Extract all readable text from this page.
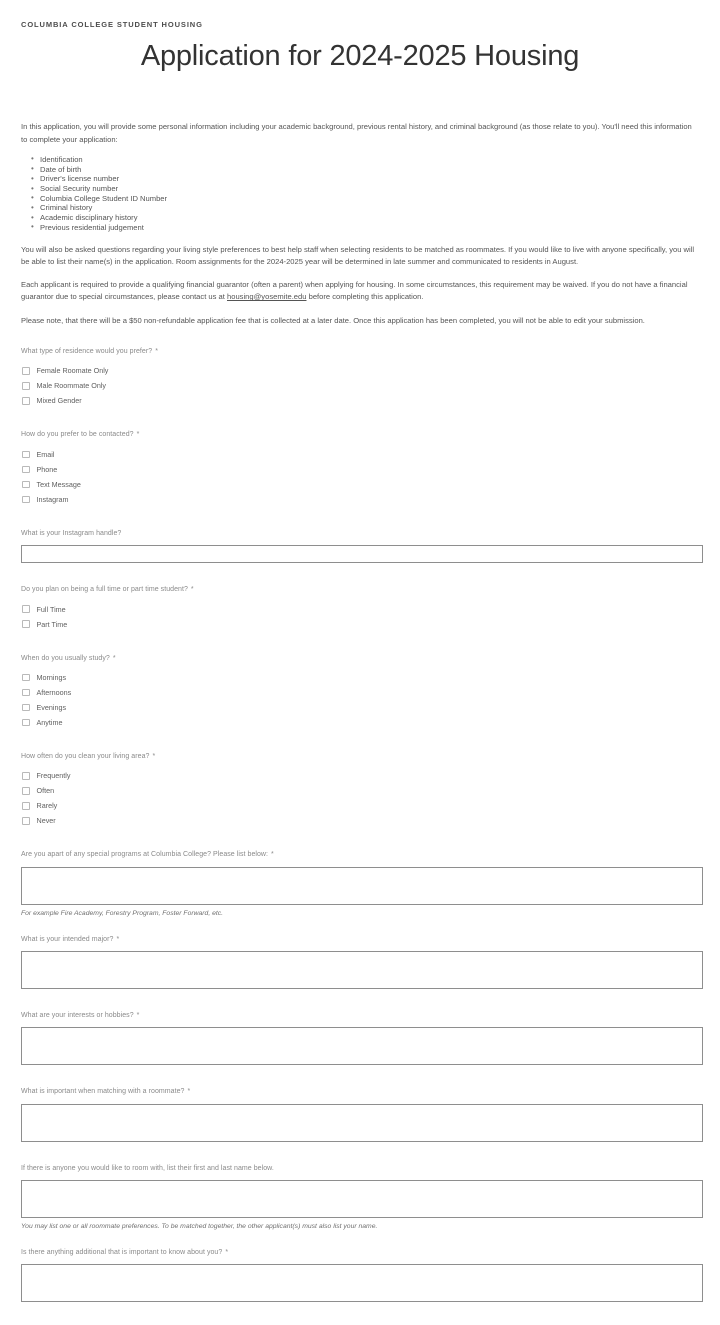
COLUMBIA COLLEGE STUDENT HOUSING
Application for 2024-2025 Housing

In this application, you will provide some personal information including your academic background, previous rental history, and criminal background (as those relate to you). You'll need this information to complete your application:

• Identification
• Date of birth
• Driver's license number
• Social Security number
• Columbia College Student ID Number
• Criminal history
• Academic disciplinary history
• Previous residential judgement

You will also be asked questions regarding your living style preferences to best help staff when selecting residents to be matched as roommates. If you would like to live with anyone specifically, you will be able to list their name(s) in the application. Room assignments for the 2024-2025 year will be determined in late summer and communicated to residents in August.

Each applicant is required to provide a qualifying financial guarantor (often a parent) when applying for housing. In some circumstances, this requirement may be waived. If you do not have a financial guarantor due to special circumstances, please contact us at housing@yosemite.edu before completing this application.

Please note, that there will be a $50 non-refundable application fee that is collected at a later date. Once this application has been completed, you will not be able to edit your submission.

What type of residence would you prefer? *
Female Roomate Only
Male Roommate Only
Mixed Gender
How do you prefer to be contacted? *
Email
Phone
Text Message
Instagram
What is your Instagram handle?
Do you plan on being a full time or part time student? *
Full Time
Part Time
When do you usually study? *
Mornings
Afternoons
Evenings
Anytime
How often do you clean your living area? *
Frequently
Often
Rarely
Never
Are you apart of any special programs at Columbia College? Please list below: *
For example Fire Academy, Forestry Program, Foster Forward, etc.
What is your intended major? *
What are your interests or hobbies? *
What is important when matching with a roommate? *
If there is anyone you would like to room with, list their first and last name below.
You may list one or all roommate preferences. To be matched together, the other applicant(s) must also list your name.
Is there anything additional that is important to know about you? *
